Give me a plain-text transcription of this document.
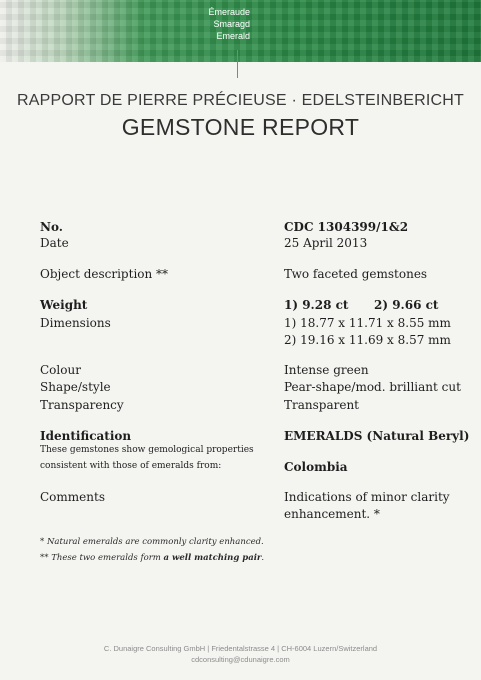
Émeraude
Smaragd
Emerald
RAPPORT DE PIERRE PRÉCIEUSE · EDELSTEINBERICHT
GEMSTONE REPORT
No.	CDC 1304399/1&2
Date	25 April 2013
Object description **	Two faceted gemstones
Weight	1) 9.28 ct 2) 9.66 ct
Dimensions	1) 18.77 x 11.71 x 8.55 mm
2) 19.16 x 11.69 x 8.57 mm
Colour	Intense green
Shape/style	Pear-shape/mod. brilliant cut
Transparency	Transparent
Identification	EMERALDS (Natural Beryl)
These gemstones show gemological properties
consistent with those of emeralds from:	Colombia
Comments	Indications of minor clarity
enhancement. *
* Natural emeralds are commonly clarity enhanced.
** These two emeralds form a well matching pair.
C. Dunaigre Consulting GmbH | Friedentalstrasse 4 | CH-6004 Luzern/Switzerland
cdconsulting@cdunaigre.com
